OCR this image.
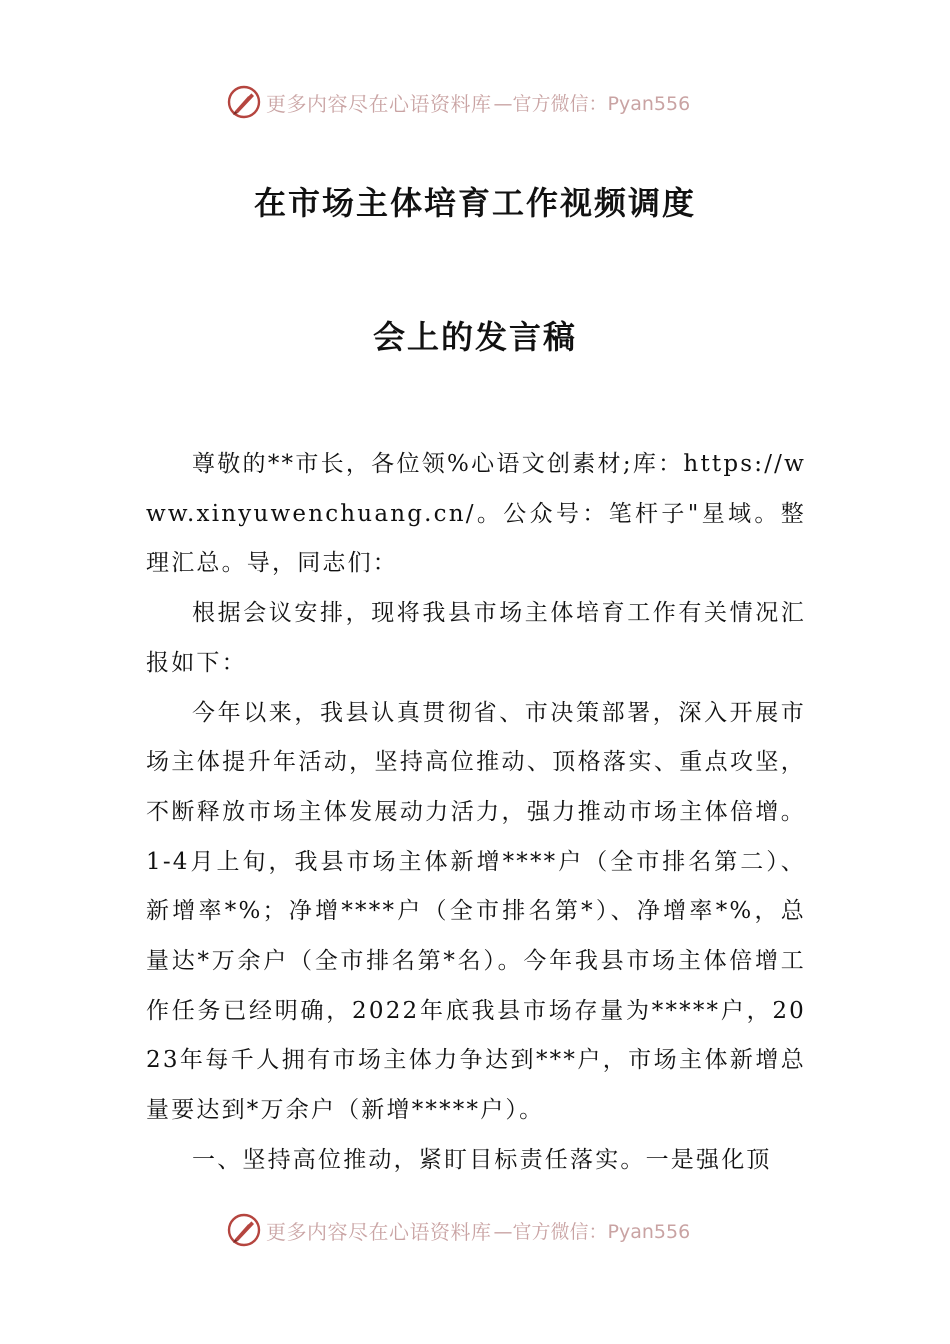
更多内容尽在心语资料库 —官方微信：Pyan556
在市场主体培育工作视频调度
会上的发言稿

尊敬的**市长，各位领%心语文创素材;库：https://www.xinyuwenchuang.cn/。公众号：笔杆子"星域。整理汇总。导，同志们：

根据会议安排，现将我县市场主体培育工作有关情况汇报如下：

今年以来，我县认真贯彻省、市决策部署，深入开展市场主体提升年活动，坚持高位推动、顶格落实、重点攻坚，不断释放市场主体发展动力活力，强力推动市场主体倍增。1-4月上旬，我县市场主体新增****户（全市排名第二）、新增率*%；净增****户（全市排名第*）、净增率*%，总量达*万余户（全市排名第*名）。今年我县市场主体倍增工作任务已经明确，2022年底我县市场存量为*****户，2023年每千人拥有市场主体力争达到***户，市场主体新增总量要达到*万余户（新增*****户）。

一、坚持高位推动，紧盯目标责任落实。一是强化顶

更多内容尽在心语资料库 —官方微信：Pyan556
